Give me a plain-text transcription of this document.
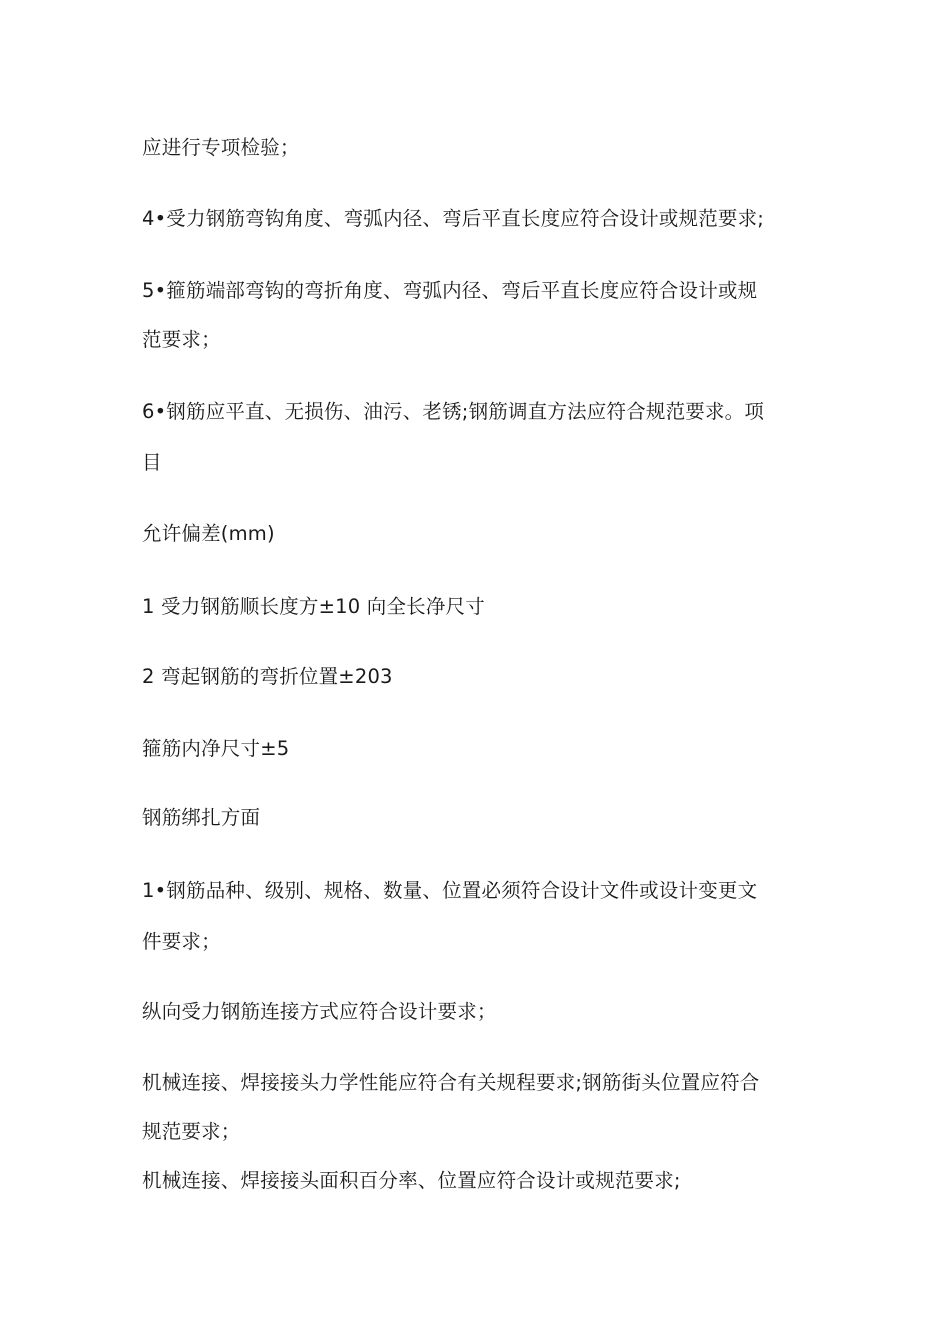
应进行专项检验；
4•受力钢筋弯钩角度、弯弧内径、弯后平直长度应符合设计或规范要求;
5•箍筋端部弯钩的弯折角度、弯弧内径、弯后平直长度应符合设计或规
范要求；
6•钢筋应平直、无损伤、油污、老锈;钢筋调直方法应符合规范要求。项
目
允许偏差(mm)
1 受力钢筋顺长度方±10 向全长净尺寸
2 弯起钢筋的弯折位置±203
箍筋内净尺寸±5
钢筋绑扎方面
1•钢筋品种、级别、规格、数量、位置必须符合设计文件或设计变更文
件要求；
纵向受力钢筋连接方式应符合设计要求；
机械连接、焊接接头力学性能应符合有关规程要求;钢筋街头位置应符合
规范要求；
机械连接、焊接接头面积百分率、位置应符合设计或规范要求;
